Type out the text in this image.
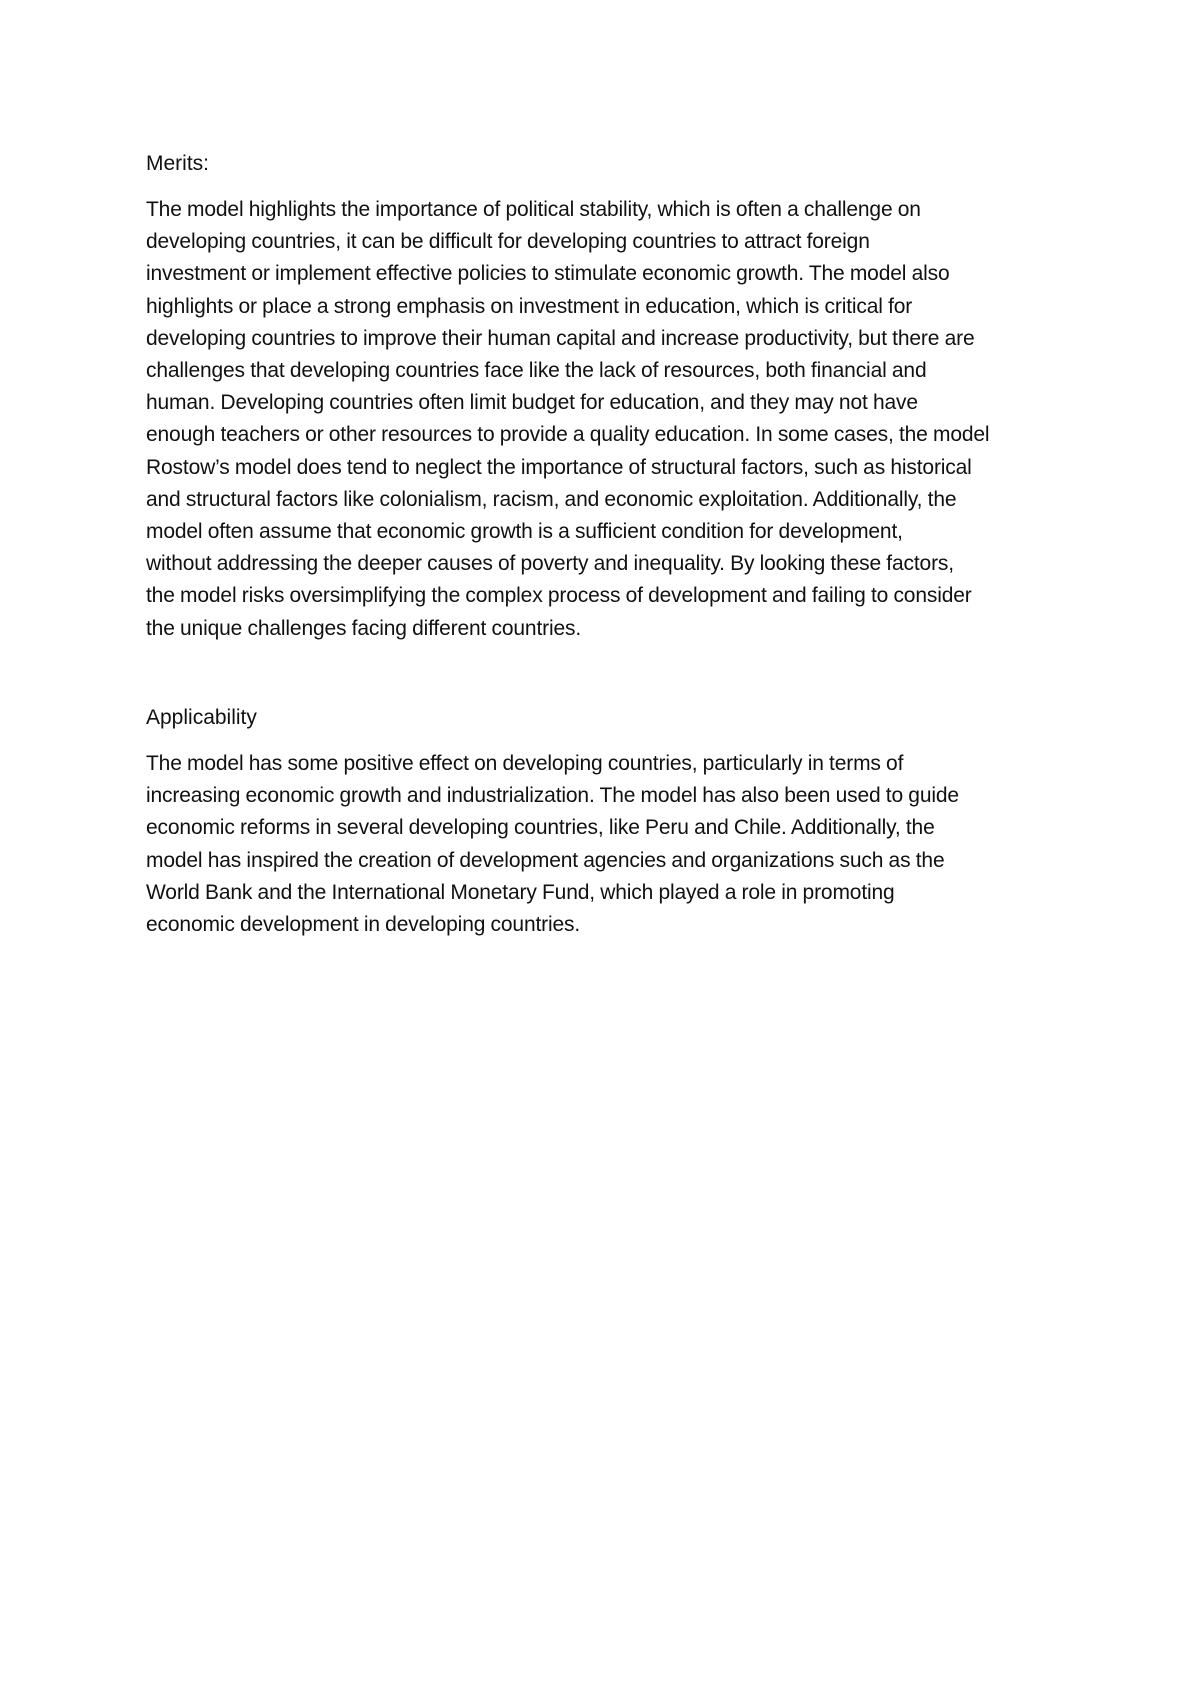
Merits:

The model highlights the importance of political stability, which is often a challenge on
developing countries, it can be difficult for developing countries to attract foreign
investment or implement effective policies to stimulate economic growth. The model also
highlights or place a strong emphasis on investment in education, which is critical for
developing countries to improve their human capital and increase productivity, but there are
challenges that developing countries face like the lack of resources, both financial and
human. Developing countries often limit budget for education, and they may not have
enough teachers or other resources to provide a quality education. In some cases, the model
Rostow’s model does tend to neglect the importance of structural factors, such as historical
and structural factors like colonialism, racism, and economic exploitation. Additionally, the
model often assume that economic growth is a sufficient condition for development,
without addressing the deeper causes of poverty and inequality. By looking these factors,
the model risks oversimplifying the complex process of development and failing to consider
the unique challenges facing different countries.

Applicability

The model has some positive effect on developing countries, particularly in terms of
increasing economic growth and industrialization. The model has also been used to guide
economic reforms in several developing countries, like Peru and Chile. Additionally, the
model has inspired the creation of development agencies and organizations such as the
World Bank and the International Monetary Fund, which played a role in promoting
economic development in developing countries.
